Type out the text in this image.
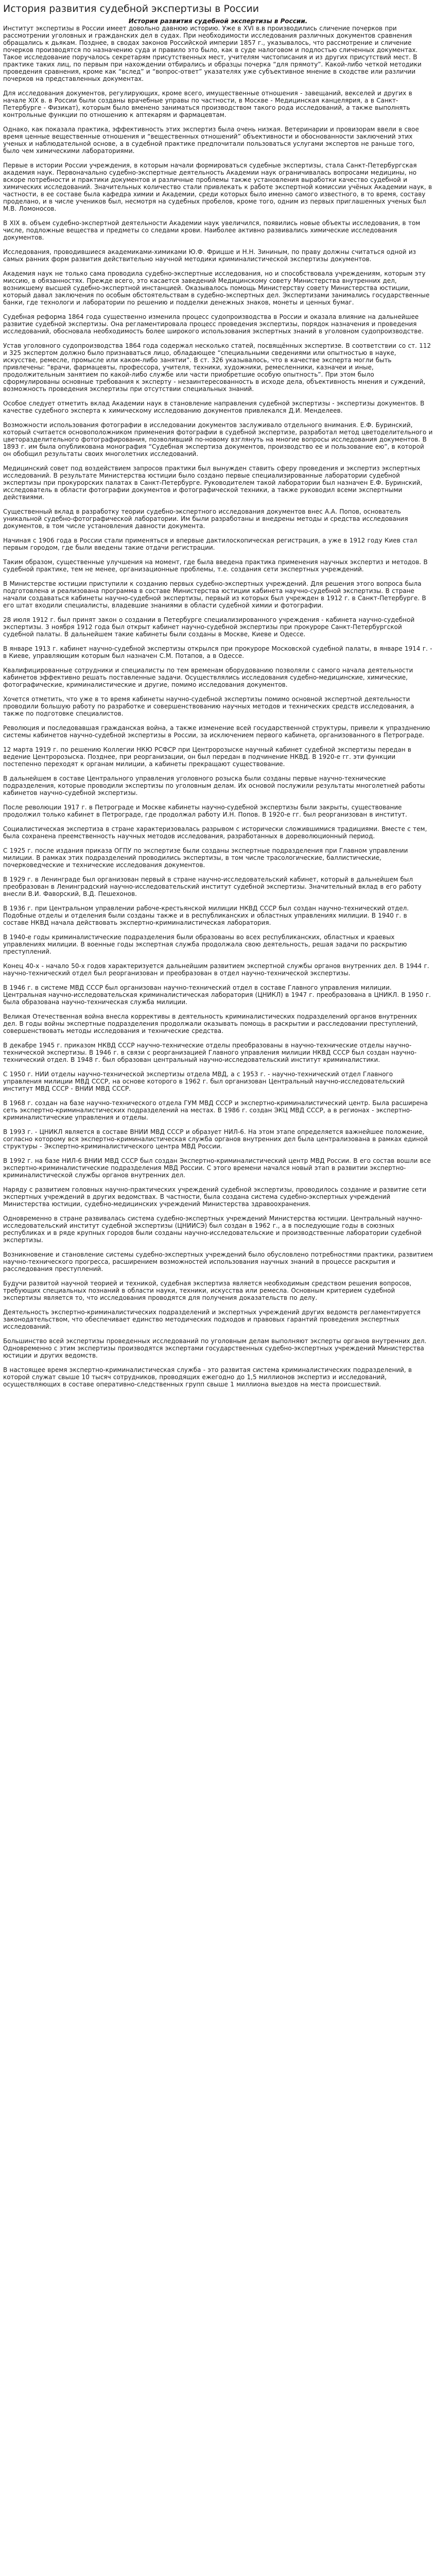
История развития судебной экспертизы в России
История развития судебной экспертизы в России.

Институт экспертизы в России имеет довольно давнюю историю. Уже в XVI в.в производились сличение почерков при рассмотрении уголовных и гражданских дел в судах. При необходимости исследования различных документов сравнения обращались к дьякам. Позднее, в сводах законов Российской империи 1857 г., указывалось, что рассмотрение и сличение почерков производятся по назначению суда и правило это было, как в суде налоговом и подлостью сличенных документах. Такое исследование поручалось секретарям присутственных мест, учителям чистописания и из других присутствий мест. В практике таких лиц, по первым при нахождении отбирались и образцы почерка “для прямоту”. Какой-либо четкой методики проведения сравнения, кроме как “вслед” и “вопрос-ответ” указателях уже субъективное мнение в сходстве или различии почерков на представленных документах.

Для исследования документов, регулирующих, кроме всего, имущественные отношения - завещаний, векселей и других в начале XIX в. в России были созданы врачебные управы по частности, в Москве - Медицинская канцелярия, а в Санкт-Петербурге - Физикат), которым было вменено заниматься производством такого рода исследований, а также выполнять контрольные функции по отношению к аптекарям и фармацевтам.

Однако, как показала практика, эффективность этих экспертиз была очень низкая. Ветеринарии и провизорам ввели в свое время ценные вещественные отношения и “вещественных отношений” объективности и обоснованности заключений этих ученых и наблюдательной основе, а в судебной практике предпочитали пользоваться услугами экспертов не раньше того, было чем химическими лабораториями.

Первые в истории России учреждения, в которым начали формироваться судебные экспертизы, стала Санкт-Петербургская академия наук. Первоначально судебно-экспертные деятельность Академии наук ограничивалась вопросами медицины, но вскоре потребности и практики документов и различные проблемы также установления выработки качество судебной и химических исследований. Значительных количество стали привлекать к работе экспертной комиссии учёных Академии наук, в частности, в ее составе была кафедра химии и Академии, среди которых было именно самого известного, в то время, составу проделано, и в числе учеников был, несмотря на судебных пробелов, кроме того, одним из первых приглашенных ученых был М.В. Ломоносов.

В XIX в. объем судебно-экспертной деятельности Академии наук увеличился, появились новые объекты исследования, в том числе, подложные вещества и предметы со следами крови. Наиболее активно развивались химические исследования документов.

Исследования, проводившиеся академиками-химиками Ю.Ф. Фрицше и Н.Н. Зининым, по праву должны считаться одной из самых ранних форм развития действительно научной методики криминалистической экспертизы документов.

Академия наук не только сама проводила судебно-экспертные исследования, но и способствовала учреждениям, которым эту миссию, в обязанностях. Прежде всего, это касается заведений Медицинскому совету Министерства внутренних дел, возникшему высшей судебно-экспертной инстанцией. Оказывалось помощь Министерству совету Министерства юстиции, который давал заключения по особым обстоятельствам в судебно-экспертных дел. Экспертизами занимались государственные банки, где технологи и лаборатории по решению и подделки денежных знаков, монеты и ценных бумаг.

Судебная реформа 1864 года существенно изменила процесс судопроизводства в России и оказала влияние на дальнейшее развитие судебной экспертизы. Она регламентировала процесс проведения экспертизы, порядок назначения и проведения исследований, обосновала необходимость более широкого использования экспертных знаний в уголовном судопроизводстве.

Устав уголовного судопроизводства 1864 года содержал несколько статей, посвящённых экспертизе. В соответствии со ст. 112 и 325 экспертом должно было признаваться лицо, обладающее “специальными сведениями или опытностью в науке, искусстве, ремесле, промысле или каком-либо занятии”. В ст. 326 указывалось, что в качестве эксперта могли быть привлечены: “врачи, фармацевты, профессора, учителя, техники, художники, ремесленники, казначеи и иные, продолжительным занятием по какой-либо службе или части приобретшие особую опытность”. При этом было сформулированы основные требования к эксперту - незаинтересованность в исходе дела, объективность мнения и суждений, возможность проведения экспертизы при отсутствии специальных знаний.

Особое следует отметить вклад Академии наук в становление направления судебной экспертизы - экспертизы документов. В качестве судебного эксперта к химическому исследованию документов привлекался Д.И. Менделеев.

Возможности использования фотографии в исследовании документов заслуживало отдельного внимания. Е.Ф. Буринский, который считается основоположником применения фотографии в судебной экспертизе, разработал метод цветоделительного и цветоразделительного фотографирования, позволивший по-новому взглянуть на многие вопросы исследования документов. В 1893 г. им была опубликована монография “Судебная экспертиза документов, производство ее и пользование ею”, в которой он обобщил результаты своих многолетних исследований.

Медицинский совет под воздействием запросов практики был вынужден ставить сферу проведения и экспертиз экспертных исследований. В результате Министерства юстиции было создано первые специализированные лаборатории судебной экспертизы при прокурорских палатах в Санкт-Петербурге. Руководителем такой лаборатории был назначен Е.Ф. Буринский, исследователь в области фотографии документов и фотографической техники, а также руководил всеми экспертными действиями.

Существенный вклад в разработку теории судебно-экспертного исследования документов внес А.А. Попов, основатель уникальной судебно-фотографической лаборатории. Им были разработаны и внедрены методы и средства исследования документов, в том числе установления давности документа.

Начиная с 1906 года в России стали применяться и впервые дактилоскопическая регистрация, а уже в 1912 году Киев стал первым городом, где были введены такие отдачи регистрации.

Таким образом, существенные улучшения на момент, где была введена практика применения научных экспертиз и методов. В судебной практике, тем не менее, организационные проблемы, т.е. создания сети экспертных учреждений.

В Министерстве юстиции приступили к созданию первых судебно-экспертных учреждений. Для решения этого вопроса была подготовлена и реализована программа в составе Министерства юстиции кабинета научно-судебной экспертизы. В стране начали создаваться кабинеты научно-судебной экспертизы, первый из которых был учрежден в 1912 г. в Санкт-Петербурге. В его штат входили специалисты, владевшие знаниями в области судебной химии и фотографии.

28 июля 1912 г. был принят закон о создании в Петербурге специализированного учреждения - кабинета научно-судебной экспертизы. 3 ноября 1912 года был открыт кабинет научно-судебной экспертизы при прокуроре Санкт-Петербургской судебной палаты. В дальнейшем такие кабинеты были созданы в Москве, Киеве и Одессе.

В январе 1913 г. кабинет научно-судебной экспертизы открылся при прокуроре Московской судебной палаты, в январе 1914 г. - в Киеве, управляющим которым был назначен С.М. Потапов, а в Одессе.

Квалифицированные сотрудники и специалисты по тем временам оборудованию позволяли с самого начала деятельности кабинетов эффективно решать поставленные задачи. Осуществлялись исследования судебно-медицинские, химические, фотографические, криминалистические и другие, помимо исследования документов.

Хочется отметить, что уже в то время кабинеты научно-судебной экспертизы помимо основной экспертной деятельности проводили большую работу по разработке и совершенствованию научных методов и технических средств исследования, а также по подготовке специалистов.

Революция и последовавшая гражданская война, а также изменение всей государственной структуры, привели к упразднению системы кабинетов научно-судебной экспертизы в России, за исключением первого кабинета, организованного в Петрограде.

12 марта 1919 г. по решению Коллегии НКЮ РСФСР при Центророзыске научный кабинет судебной экспертизы передан в ведение Центророзыска. Позднее, при реорганизации, он был передан в подчинение НКВД. В 1920-е гг. эти функции постепенно переходят к органам милиции, а кабинеты прекращают существование.

В дальнейшем в составе Центрального управления уголовного розыска были созданы первые научно-технические подразделения, которые проводили экспертизы по уголовным делам. Их основой послужили результаты многолетней работы кабинетов научно-судебной экспертизы.

После революции 1917 г. в Петрограде и Москве кабинеты научно-судебной экспертизы были закрыты, существование продолжил только кабинет в Петрограде, где продолжал работу И.Н. Попов. В 1920-е гг. был реорганизован в институт.

Социалистическая экспертиза в стране характеризовалась разрывом с исторически сложившимися традициями. Вместе с тем, была сохранена преемственность научных методов исследования, разработанных в дореволюционный период.

С 1925 г. после издания приказа ОГПУ по экспертизе были созданы экспертные подразделения при Главном управлении милиции. В рамках этих подразделений проводились экспертизы, в том числе трасологические, баллистические, почерковедческие и технические исследования документов.

В 1929 г. в Ленинграде был организован первый в стране научно-исследовательский кабинет, который в дальнейшем был преобразован в Ленинградский научно-исследовательский институт судебной экспертизы. Значительный вклад в его работу внесли В.И. Фаворский, В.Д. Пешехонов.

В 1936 г. при Центральном управлении рабоче-крестьянской милиции НКВД СССР был создан научно-технический отдел. Подобные отделы и отделения были созданы также и в республиканских и областных управлениях милиции. В 1940 г. в составе НКВД начала действовать экспертно-криминалистическая лаборатория.

В 1940-е годы криминалистические подразделения были образованы во всех республиканских, областных и краевых управлениях милиции. В военные годы экспертная служба продолжала свою деятельность, решая задачи по раскрытию преступлений.

Конец 40-х - начало 50-х годов характеризуется дальнейшим развитием экспертной службы органов внутренних дел. В 1944 г. научно-технический отдел был реорганизован и преобразован в отдел научно-технической экспертизы.

В 1946 г. в системе МВД СССР был организован научно-технический отдел в составе Главного управления милиции. Центральная научно-исследовательская криминалистическая лаборатория (ЦНИКЛ) в 1947 г. преобразована в ЦНИКЛ. В 1950 г. была образована научно-техническая служба милиции.

Великая Отечественная война внесла коррективы в деятельность криминалистических подразделений органов внутренних дел. В годы войны экспертные подразделения продолжали оказывать помощь в раскрытии и расследовании преступлений, совершенствовать методы исследования и технические средства.

В декабре 1945 г. приказом НКВД СССР научно-технические отделы преобразованы в научно-технические отделы научно-технической экспертизы. В 1946 г. в связи с реорганизацией Главного управления милиции НКВД СССР был создан научно-технический отдел. В 1948 г. был образован центральный научно-исследовательский институт криминалистики.

С 1950 г. НИИ отделы научно-технической экспертизы отдела МВД, а с 1953 г. - научно-технический отдел Главного управления милиции МВД СССР, на основе которого в 1962 г. был организован Центральный научно-исследовательский институт МВД СССР - ВНИИ МВД СССР.

В 1968 г. создан на базе научно-технического отдела ГУМ МВД СССР и экспертно-криминалистический центр. Была расширена сеть экспертно-криминалистических подразделений на местах. В 1986 г. создан ЭКЦ МВД СССР, а в регионах - экспертно-криминалистические управления и отделы.

В 1993 г. - ЦНИКЛ является в составе ВНИИ МВД СССР и образует НИЛ-6. На этом этапе определяется важнейшее положение, согласно которому вся экспертно-криминалистическая служба органов внутренних дел была централизована в рамках единой структуры - Экспертно-криминалистического центра МВД России.

В 1992 г. на базе НИЛ-6 ВНИИ МВД СССР был создан Экспертно-криминалистический центр МВД России. В его состав вошли все экспертно-криминалистические подразделения МВД России. С этого времени начался новый этап в развитии экспертно-криминалистической службы органов внутренних дел.

Наряду с развитием головных научно-практических учреждений судебной экспертизы, проводилось создание и развитие сети экспертных учреждений в других ведомствах. В частности, была создана система судебно-экспертных учреждений Министерства юстиции, судебно-медицинских учреждений Министерства здравоохранения.

Одновременно в стране развивалась система судебно-экспертных учреждений Министерства юстиции. Центральный научно-исследовательский институт судебной экспертизы (ЦНИИСЭ) был создан в 1962 г., а в последующие годы в союзных республиках и в ряде крупных городов были созданы научно-исследовательские и производственные лаборатории судебной экспертизы.

Возникновение и становление системы судебно-экспертных учреждений было обусловлено потребностями практики, развитием научно-технического прогресса, расширением возможностей использования научных знаний в процессе раскрытия и расследования преступлений.

Будучи развитой научной теорией и техникой, судебная экспертиза является необходимым средством решения вопросов, требующих специальных познаний в области науки, техники, искусства или ремесла. Основным критерием судебной экспертизы является то, что исследования проводятся для получения доказательств по делу.

Деятельность экспертно-криминалистических подразделений и экспертных учреждений других ведомств регламентируется законодательством, что обеспечивает единство методических подходов и правовых гарантий проведения экспертных исследований.

Большинство всей экспертизы проведенных исследований по уголовным делам выполняют эксперты органов внутренних дел. Одновременно с этим экспертизы производятся экспертами государственных судебно-экспертных учреждений Министерства юстиции и других ведомств.

В настоящее время экспертно-криминалистическая служба - это развитая система криминалистических подразделений, в которой служат свыше 10 тысяч сотрудников, проводящих ежегодно до 1,5 миллионов экспертиз и исследований, осуществляющих в составе оперативно-следственных групп свыше 1 миллиона выездов на места происшествий.
